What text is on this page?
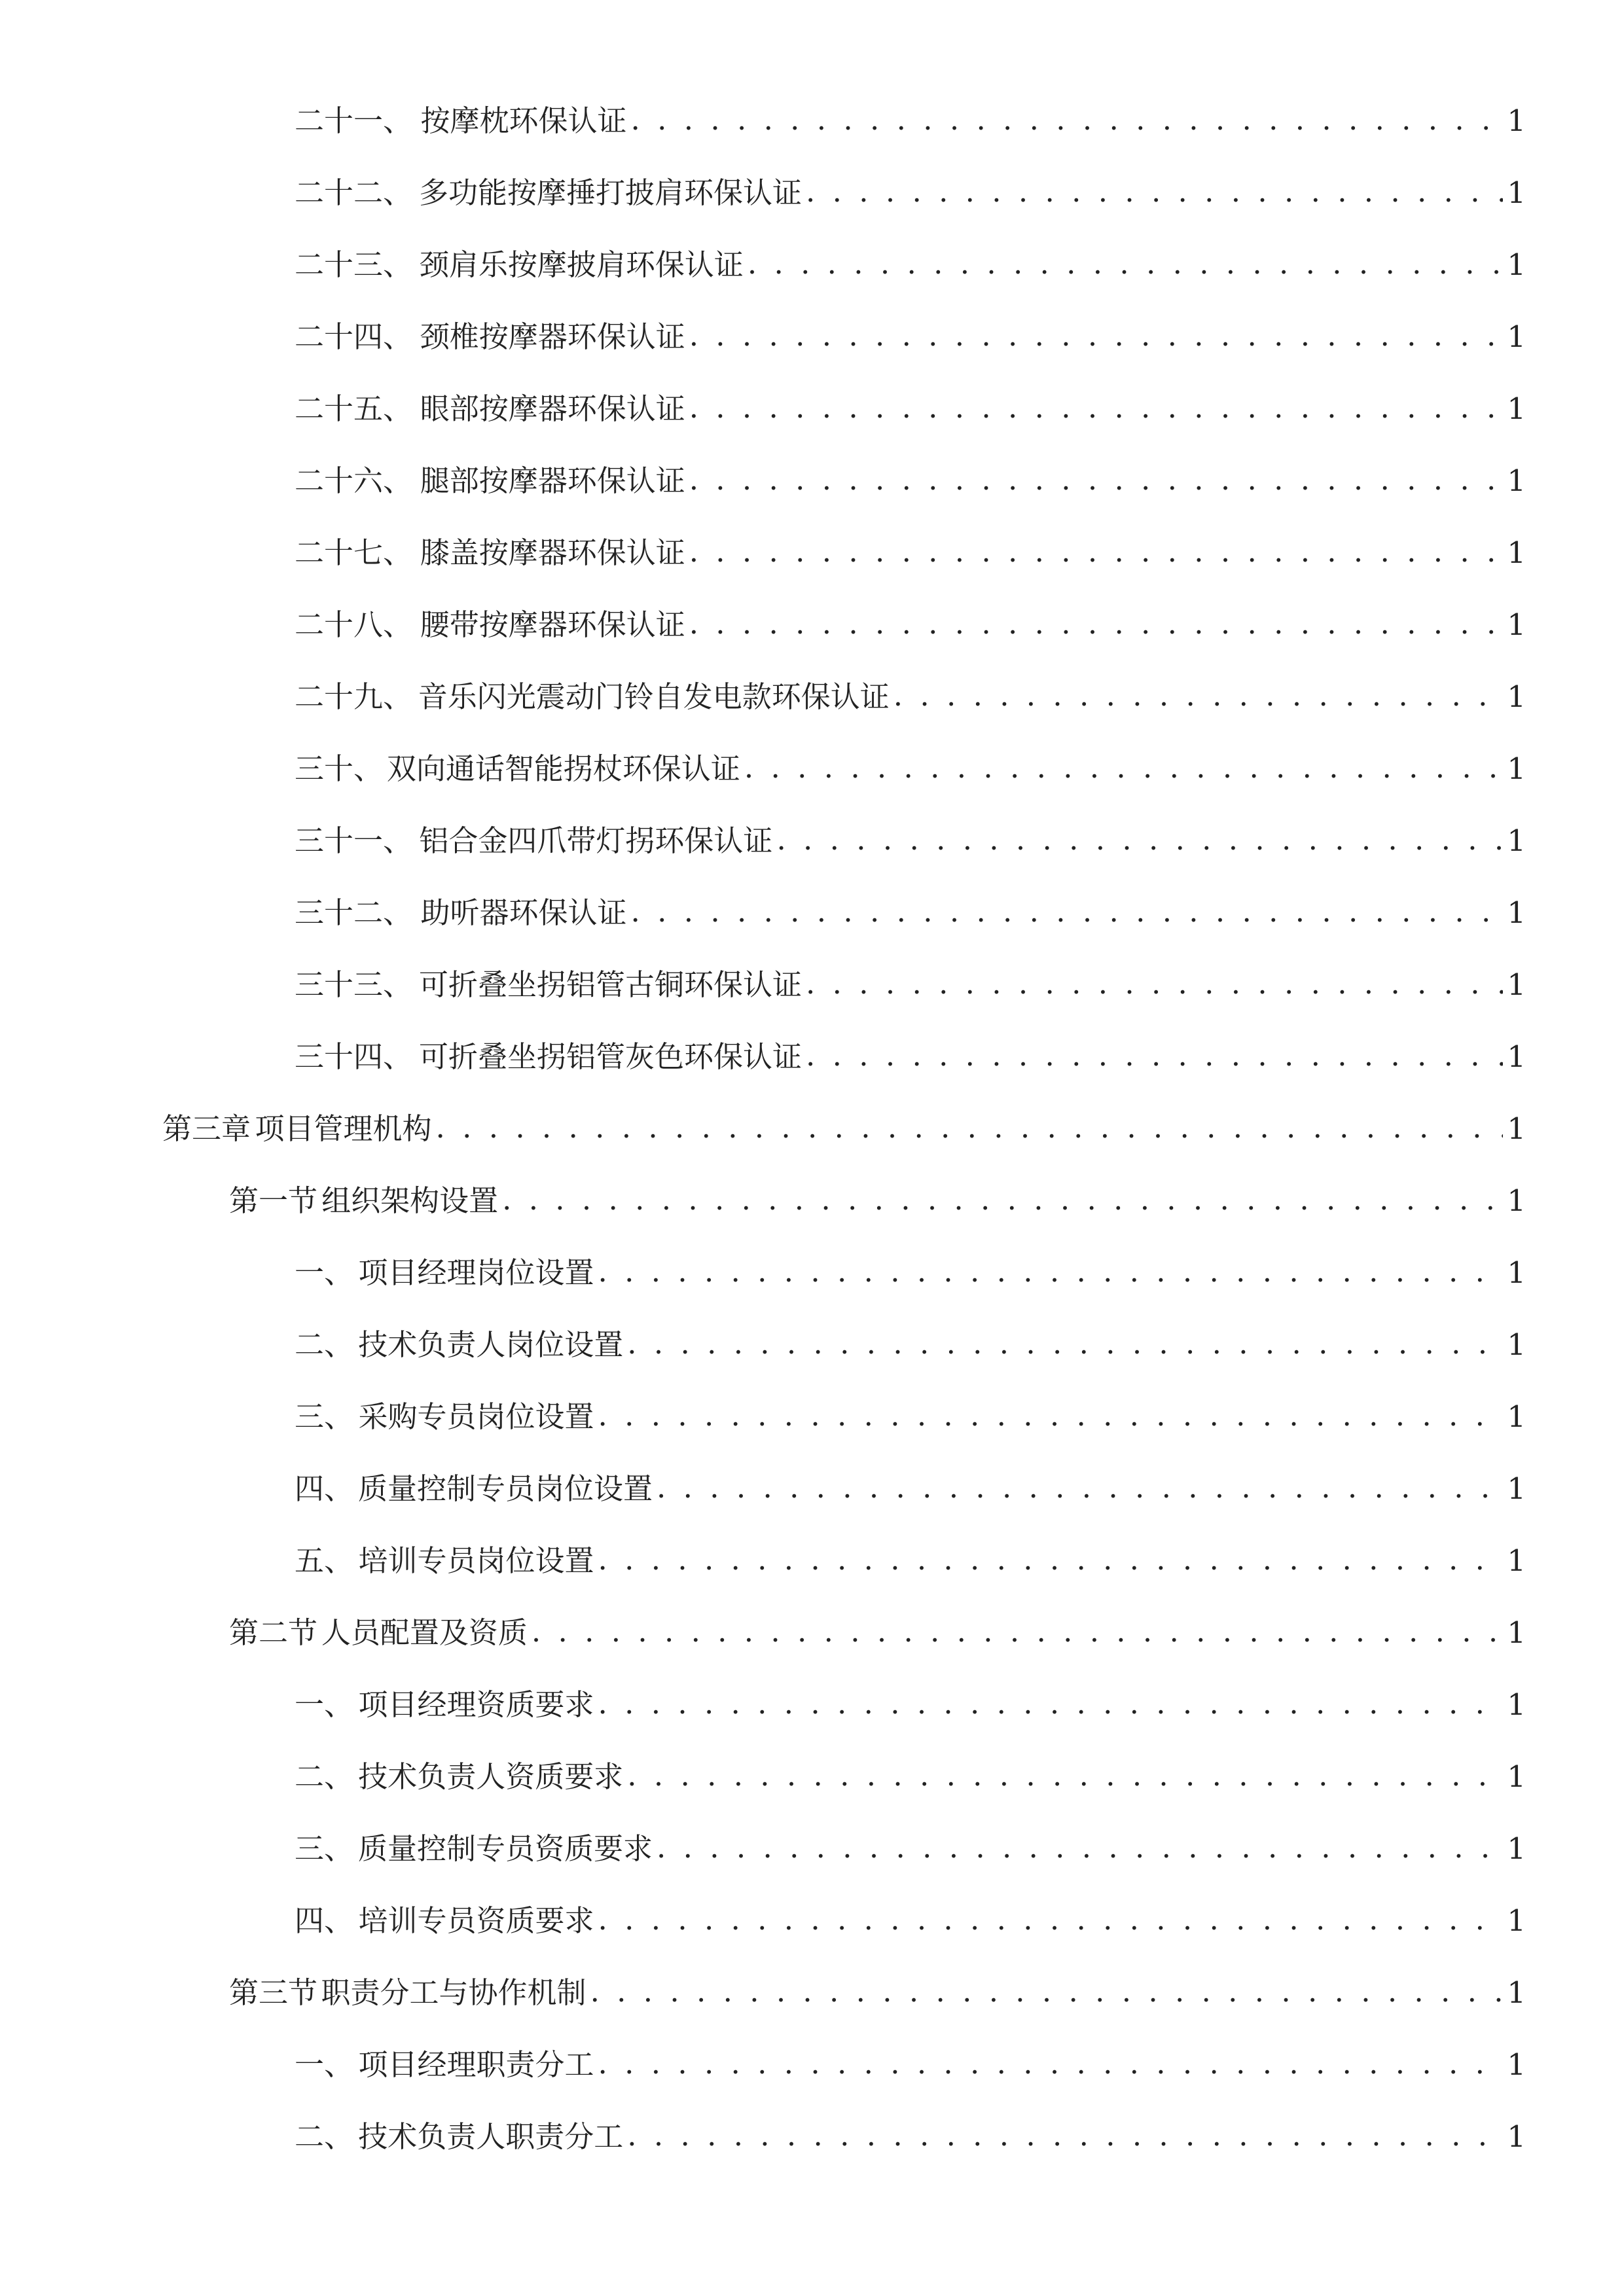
二十一、 按摩枕环保认证 . . .	1
二十二、 多功能按摩捶打披肩环保认证 . . .	1
二十三、 颈肩乐按摩披肩环保认证 . . .	1
二十四、 颈椎按摩器环保认证 . . .	1
二十五、 眼部按摩器环保认证 . . .	1
二十六、 腿部按摩器环保认证 . . .	1
二十七、 膝盖按摩器环保认证 . . .	1
二十八、 腰带按摩器环保认证 . . .	1
二十九、 音乐闪光震动门铃自发电款环保认证 . . .	1
三十、 双向通话智能拐杖环保认证 . . .	1
三十一、 铝合金四爪带灯拐环保认证 . . .	1
三十二、 助听器环保认证 . . .	1
三十三、 可折叠坐拐铝管古铜环保认证 . . .	1
三十四、 可折叠坐拐铝管灰色环保认证 . . .	1
第三章 项目管理机构 . . .	1
第一节 组织架构设置 . . .	1
一、 项目经理岗位设置 . . .	1
二、 技术负责人岗位设置 . . .	1
三、 采购专员岗位设置 . . .	1
四、 质量控制专员岗位设置 . . .	1
五、 培训专员岗位设置 . . .	1
第二节 人员配置及资质 . . .	1
一、 项目经理资质要求 . . .	1
二、 技术负责人资质要求 . . .	1
三、 质量控制专员资质要求 . . .	1
四、 培训专员资质要求 . . .	1
第三节 职责分工与协作机制 . . .	1
一、 项目经理职责分工 . . .	1
二、 技术负责人职责分工 . . .	1
